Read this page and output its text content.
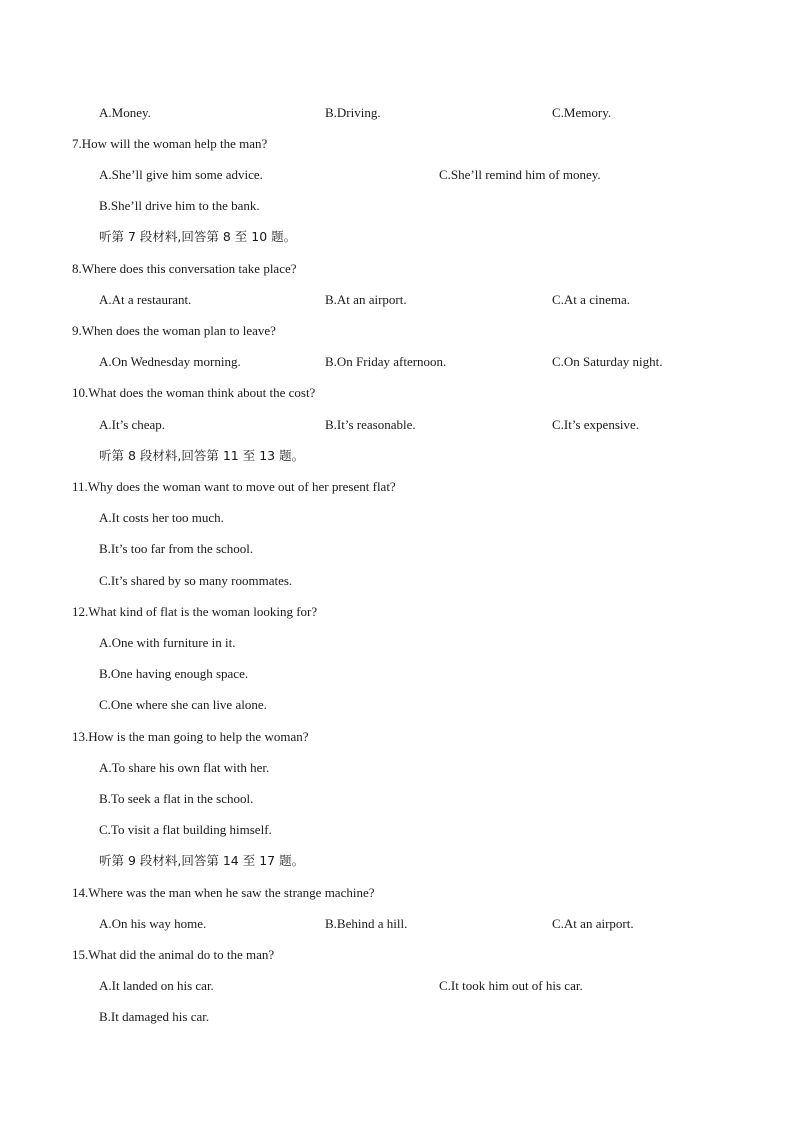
A.Money.	B.Driving.	C.Memory.
7.How will the woman help the man?
A.She’ll give him some advice.	C.She’ll remind him of money.
B.She’ll drive him to the bank.
听第 7 段材料,回答第 8 至 10 题。
8.Where does this conversation take place?
A.At a restaurant.	B.At an airport.	C.At a cinema.
9.When does the woman plan to leave?
A.On Wednesday morning.	B.On Friday afternoon.	C.On Saturday night.
10.What does the woman think about the cost?
A.It’s cheap.	B.It’s reasonable.	C.It’s expensive.
听第 8 段材料,回答第 11 至 13 题。
11.Why does the woman want to move out of her present flat?
A.It costs her too much.
B.It’s too far from the school.
C.It’s shared by so many roommates.
12.What kind of flat is the woman looking for?
A.One with furniture in it.
B.One having enough space.
C.One where she can live alone.
13.How is the man going to help the woman?
A.To share his own flat with her.
B.To seek a flat in the school.
C.To visit a flat building himself.
听第 9 段材料,回答第 14 至 17 题。
14.Where was the man when he saw the strange machine?
A.On his way home.	B.Behind a hill.	C.At an airport.
15.What did the animal do to the man?
A.It landed on his car.	C.It took him out of his car.
B.It damaged his car.
